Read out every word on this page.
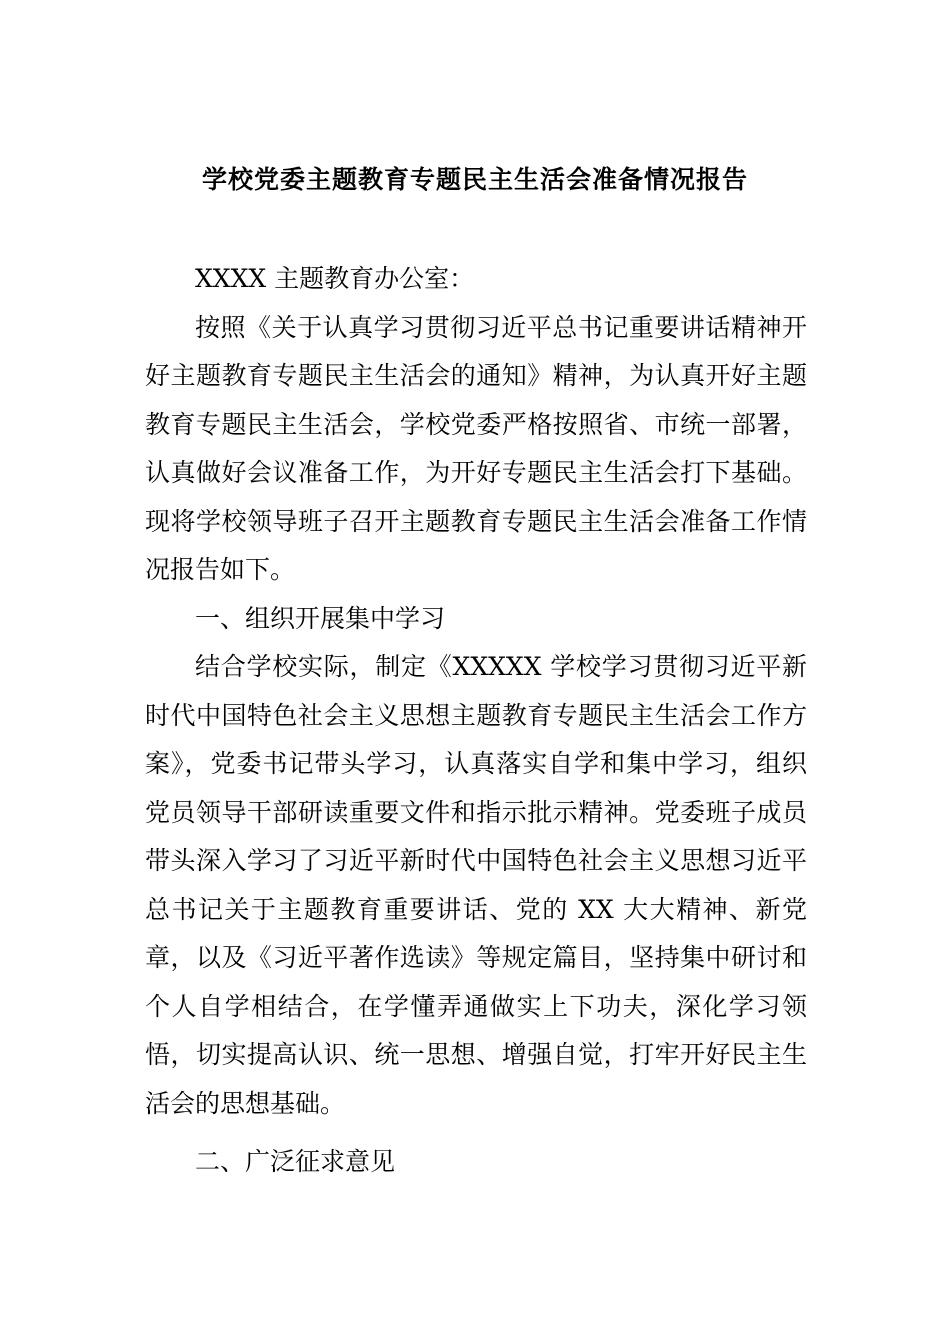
学校党委主题教育专题民主生活会准备情况报告

XXXX 主题教育办公室：

按照《关于认真学习贯彻习近平总书记重要讲话精神开好主题教育专题民主生活会的通知》精神，为认真开好主题教育专题民主生活会，学校党委严格按照省、市统一部署，认真做好会议准备工作，为开好专题民主生活会打下基础。现将学校领导班子召开主题教育专题民主生活会准备工作情况报告如下。

一、组织开展集中学习

结合学校实际，制定《XXXXX 学校学习贯彻习近平新时代中国特色社会主义思想主题教育专题民主生活会工作方案》，党委书记带头学习，认真落实自学和集中学习，组织党员领导干部研读重要文件和指示批示精神。党委班子成员带头深入学习了习近平新时代中国特色社会主义思想习近平总书记关于主题教育重要讲话、党的 XX 大大精神、新党章，以及《习近平著作选读》等规定篇目，坚持集中研讨和个人自学相结合，在学懂弄通做实上下功夫，深化学习领悟，切实提高认识、统一思想、增强自觉，打牢开好民主生活会的思想基础。

二、广泛征求意见
